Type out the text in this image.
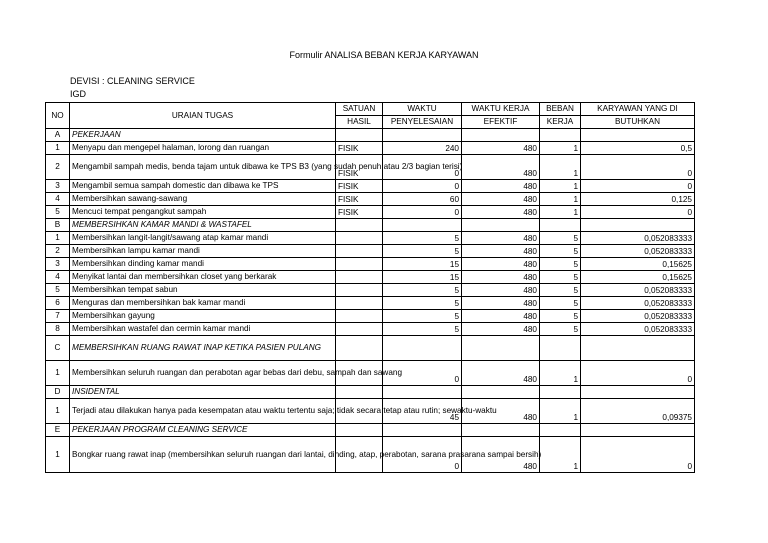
Formulir ANALISA BEBAN KERJA KARYAWAN
DEVISI : CLEANING SERVICE
IGD
NO	URAIAN TUGAS	SATUAN	WAKTU	WAKTU KERJA	BEBAN	KARYAWAN YANG DI
		HASIL	PENYELESAIAN	EFEKTIF	KERJA	BUTUHKAN
A	PEKERJAAN					
1	Menyapu dan mengepel halaman, lorong dan ruangan	FISIK	240	480	1	0,5
2	Mengambil sampah medis, benda tajam untuk dibawa ke TPS B3 (yang sudah penuh atau 2/3 bagian terisi)	FISIK	0	480	1	0
3	Mengambil semua sampah domestic dan dibawa ke TPS	FISIK	0	480	1	0
4	Membersihkan sawang-sawang	FISIK	60	480	1	0,125
5	Mencuci tempat pengangkut sampah	FISIK	0	480	1	0
B	MEMBERSIHKAN KAMAR MANDI & WASTAFEL					
1	Membersihkan langit-langit/sawang atap kamar mandi		5	480	5	0,052083333
2	Membersihkan lampu kamar mandi		5	480	5	0,052083333
3	Membersihkan dinding kamar mandi		15	480	5	0,15625
4	Menyikat lantai dan membersihkan closet yang berkarak		15	480	5	0,15625
5	Membersihkan tempat sabun		5	480	5	0,052083333
6	Menguras dan membersihkan bak kamar mandi		5	480	5	0,052083333
7	Membersihkan gayung		5	480	5	0,052083333
8	Membersihkan wastafel dan cermin kamar mandi		5	480	5	0,052083333
C	MEMBERSIHKAN RUANG RAWAT INAP KETIKA PASIEN PULANG					
1	Membersihkan seluruh ruangan dan perabotan agar bebas dari debu, sampah dan sawang		0	480	1	0
D	INSIDENTAL					
1	Terjadi atau dilakukan hanya pada kesempatan atau waktu tertentu saja; tidak secara tetap atau rutin; sewaktu-waktu		45	480	1	0,09375
E	PEKERJAAN PROGRAM CLEANING SERVICE					
1	Bongkar ruang rawat inap (membersihkan seluruh ruangan dari lantai, dinding, atap, perabotan, sarana prasarana sampai bersih)		0	480	1	0
